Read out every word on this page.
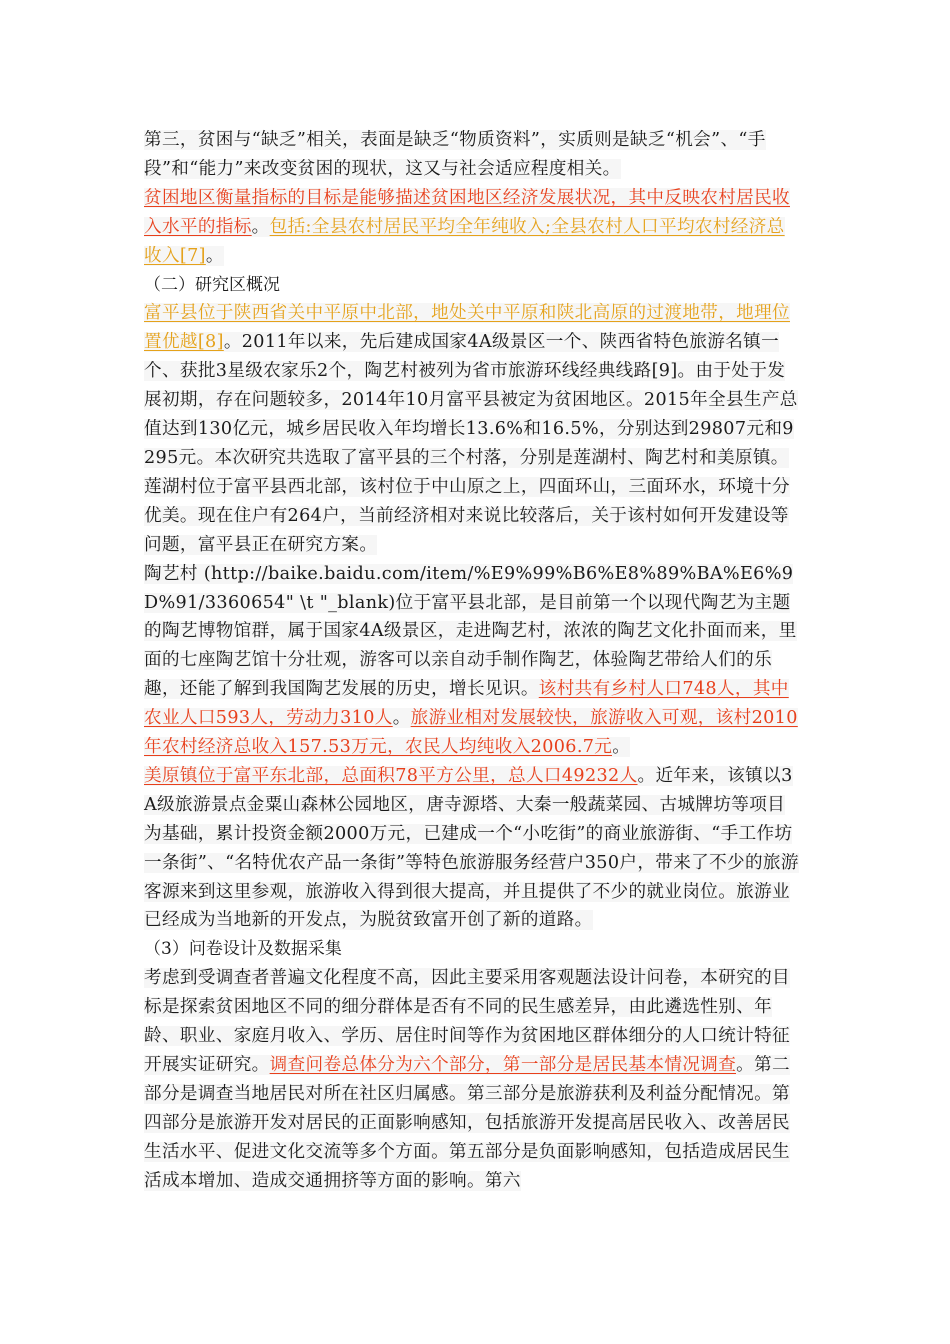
第三，贫困与“缺乏”相关，表面是缺乏“物质资料”，实质则是缺乏“机会”、“手段”和“能力”来改变贫困的现状，这又与社会适应程度相关。

贫困地区衡量指标的目标是能够描述贫困地区经济发展状况，其中反映农村居民收入水平的指标。包括:全县农村居民平均全年纯收入;全县农村人口平均农村经济总收入[7]。

（二）研究区概况

富平县位于陕西省关中平原中北部，地处关中平原和陕北高原的过渡地带，地理位置优越[8]。2011年以来，先后建成国家4A级景区一个、陕西省特色旅游名镇一个、获批3星级农家乐2个，陶艺村被列为省市旅游环线经典线路[9]。由于处于发展初期，存在问题较多，2014年10月富平县被定为贫困地区。2015年全县生产总值达到130亿元，城乡居民收入年均增长13.6%和16.5%，分别达到29807元和9295元。本次研究共选取了富平县的三个村落，分别是莲湖村、陶艺村和美原镇。

莲湖村位于富平县西北部，该村位于中山原之上，四面环山，三面环水，环境十分优美。现在住户有264户，当前经济相对来说比较落后，关于该村如何开发建设等问题，富平县正在研究方案。

陶艺村 (http://baike.baidu.com/item/%E9%99%B6%E8%89%BA%E6%9D%91/3360654" \t "_blank)位于富平县北部，是目前第一个以现代陶艺为主题的陶艺博物馆群，属于国家4A级景区，走进陶艺村，浓浓的陶艺文化扑面而来，里面的七座陶艺馆十分壮观，游客可以亲自动手制作陶艺，体验陶艺带给人们的乐趣，还能了解到我国陶艺发展的历史，增长见识。该村共有乡村人口748人，其中农业人口593人，劳动力310人。旅游业相对发展较快，旅游收入可观，该村2010年农村经济总收入157.53万元，农民人均纯收入2006.7元。

美原镇位于富平东北部，总面积78平方公里，总人口49232人。近年来，该镇以3A级旅游景点金粟山森林公园地区，唐寺源塔、大秦一般蔬菜园、古城牌坊等项目为基础，累计投资金额2000万元，已建成一个“小吃街”的商业旅游街、“手工作坊一条街”、“名特优农产品一条街”等特色旅游服务经营户350户，带来了不少的旅游客源来到这里参观，旅游收入得到很大提高，并且提供了不少的就业岗位。旅游业已经成为当地新的开发点，为脱贫致富开创了新的道路。

（3）问卷设计及数据采集

考虑到受调查者普遍文化程度不高，因此主要采用客观题法设计问卷，本研究的目标是探索贫困地区不同的细分群体是否有不同的民生感差异，由此遴选性别、年龄、职业、家庭月收入、学历、居住时间等作为贫困地区群体细分的人口统计特征开展实证研究。调查问卷总体分为六个部分，第一部分是居民基本情况调查。第二部分是调查当地居民对所在社区归属感。第三部分是旅游获利及利益分配情况。第四部分是旅游开发对居民的正面影响感知，包括旅游开发提高居民收入、改善居民生活水平、促进文化交流等多个方面。第五部分是负面影响感知，包括造成居民生活成本增加、造成交通拥挤等方面的影响。第六
